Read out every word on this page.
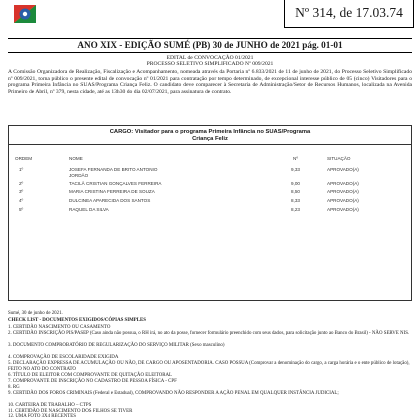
Nº 314, de 17.03.74
ANO XIX - EDIÇÃO SUMÉ (PB) 30 de JUNHO de 2021 pág. 01-01
EDITAL de CONVOCAÇÃO 01/2021
PROCESSO SELETIVO SIMPLIFICADO Nº 009/2021
A Comissão Organizadora de Realização, Fiscalização e Acompanhamento, nomeada através da Portaria nº 6.833/2021 de 11 de junho de 2021, do Processo Seletivo Simplificado nº 009/2021, torna público o presente edital de convocação nº 01/2021 para contratação por tempo determinado, de excepcional interesse público de 05 (cinco) Visitadores para o programa Primeira Infância no SUAS/Programa Criança Feliz. O candidato deve comparecer à Secretaria de Administração/Setor de Recursos Humanos, localizada na Avenida Primeiro de Abril, nº 379, nesta cidade, até as 13h30 do dia 02/07/2021, para assinatura de contrato.
CARGO: Visitador para o programa Primeira Infância no SUAS/Programa
Criança Feliz
ORDEM	NOME	Nº	SITUAÇÃO
1º	JOSEFA FERNANDA DE BRITO ANTONIO	9,33	APROVADO(A)
JORDÃO
2º	TACILÂ CRISTIAN GONÇALVES FERREIRA	9,00	APROVADO(A)
3º	MARIA CRISTINA FERREIRA DE SOUZA	8,50	APROVADO(A)
4º	DULCINEA APARECIDA DOS SANTOS	8,33	APROVADO(A)
5º	RAQUEL DA SILVA	8,23	APROVADO(A)
Sumé, 30 de junho de 2021.
CHECK LIST - DOCUMENTOS EXIGIDOS/CÓPIAS SIMPLES
1. CERTIDÃO NASCIMENTO OU CASAMENTO
2. CERTIDÃO INSCRIÇÃO PIS/PASEP (Caso ainda não possua, o RH irá, no ato da posse, fornecer formulário preenchido com seus dados, para solicitação junto ao Banco do Brasil) - NÃO SERVE NIS.
3. DOCUMENTO COMPROBATÓRIO DE REGULARIZAÇÃO DO SERVIÇO MILITAR (Sexo masculino)
4. COMPROVAÇÃO DE ESCOLARIDADE EXIGIDA
5. DECLARAÇÃO EXPRESSA DE ACUMULAÇÃO OU NÃO, DE CARGO OU APOSENTADORIA. CASO POSSUA (Comprovar a denominação do cargo, a carga horária e o ente público de lotação), FEITO NO ATO DO CONTRATO
6. TÍTULO DE ELEITOR COM COMPROVANTE DE QUITAÇÃO ELEITORAL
7. COMPROVANTE DE INSCRIÇÃO NO CADASTRO DE PESSOA FÍSICA - CPF
8. RG
9. CERTIDÃO DOS FOROS CRIMINAIS (Federal e Estadual), COMPROVANDO NÃO RESPONDER A AÇÃO PENAL EM QUALQUER INSTÂNCIA JUDICIAL;
10. CARTEIRA DE TRABALHO – CTPS
11. CERTIDÃO DE NASCIMENTO DOS FILHOS SE TIVER
12. UMA FOTO 3X4 RECENTES
